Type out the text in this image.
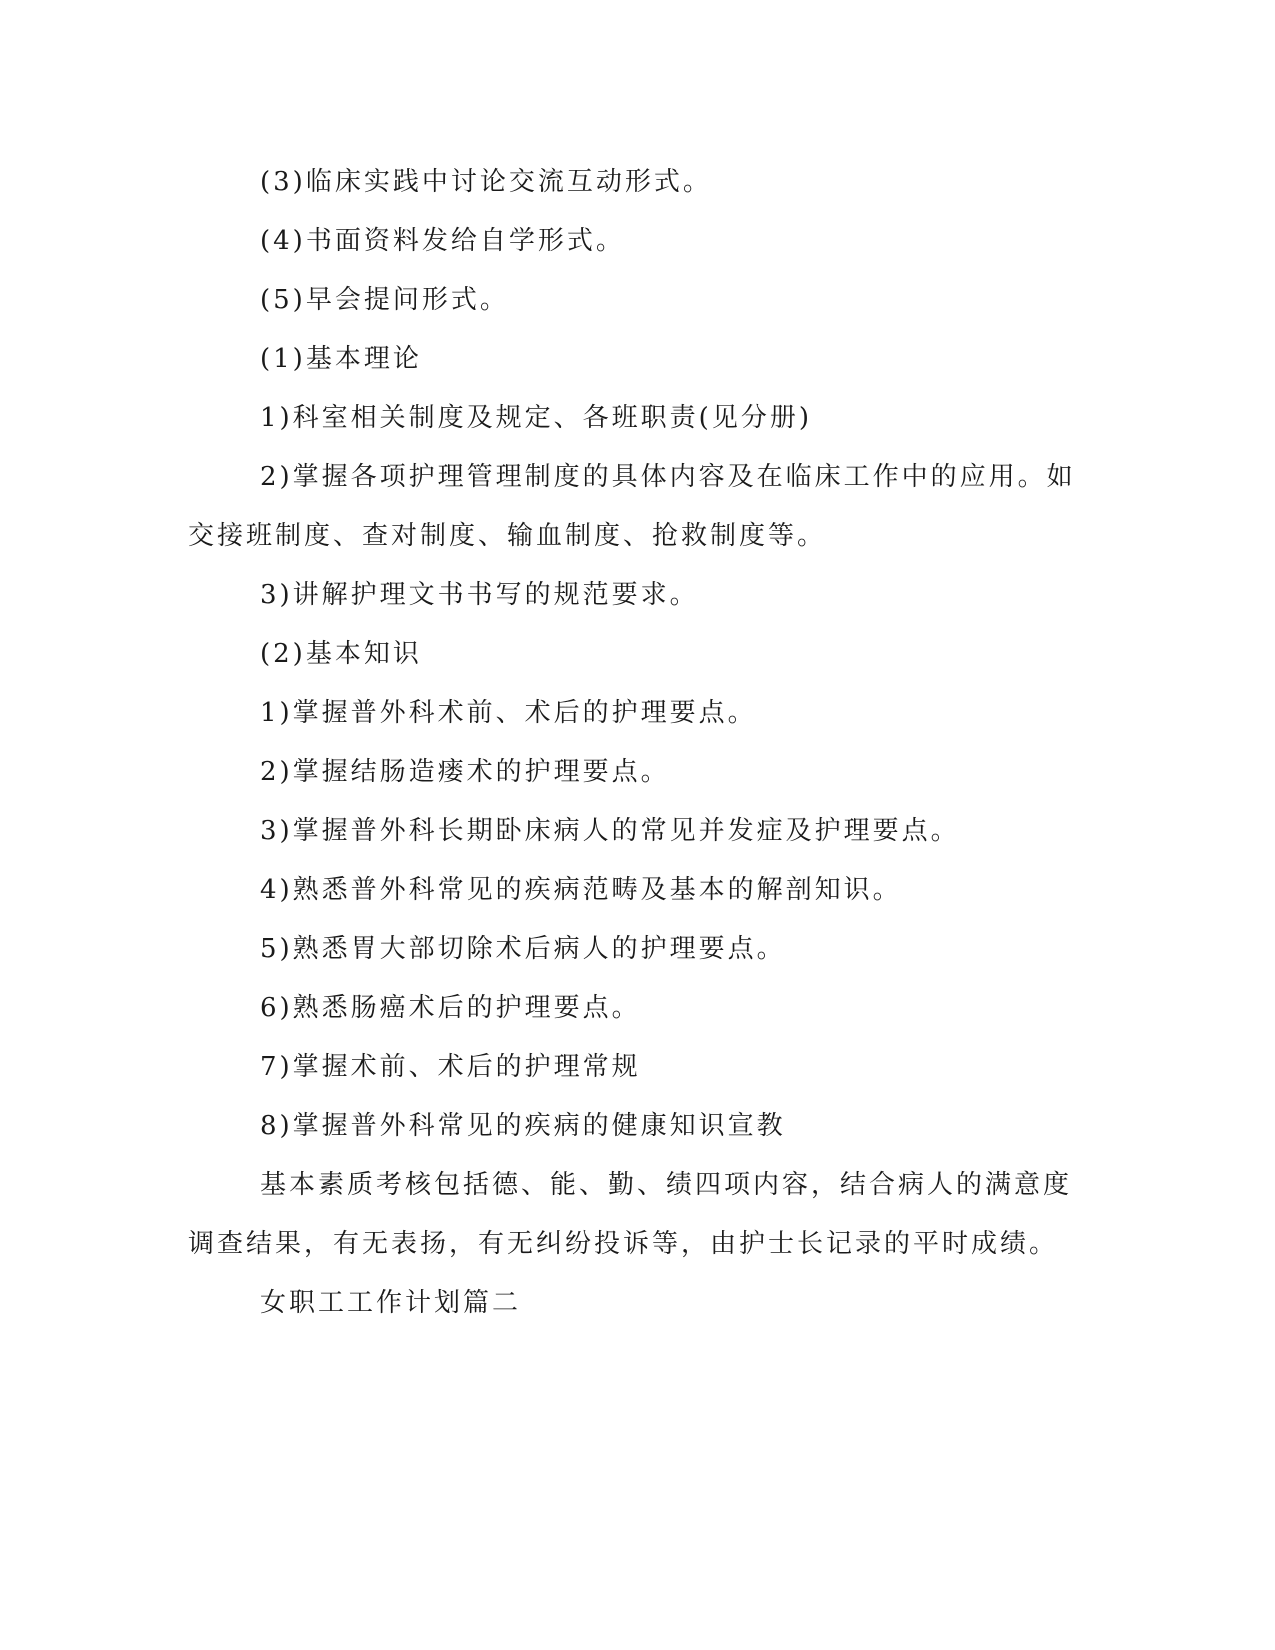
(3)临床实践中讨论交流互动形式。
(4)书面资料发给自学形式。
(5)早会提问形式。
(1)基本理论
1)科室相关制度及规定、各班职责(见分册)
2)掌握各项护理管理制度的具体内容及在临床工作中的应用。如
交接班制度、查对制度、输血制度、抢救制度等。
3)讲解护理文书书写的规范要求。
(2)基本知识
1)掌握普外科术前、术后的护理要点。
2)掌握结肠造瘘术的护理要点。
3)掌握普外科长期卧床病人的常见并发症及护理要点。
4)熟悉普外科常见的疾病范畴及基本的解剖知识。
5)熟悉胃大部切除术后病人的护理要点。
6)熟悉肠癌术后的护理要点。
7)掌握术前、术后的护理常规
8)掌握普外科常见的疾病的健康知识宣教
基本素质考核包括德、能、勤、绩四项内容，结合病人的满意度
调查结果，有无表扬，有无纠纷投诉等，由护士长记录的平时成绩。
女职工工作计划篇二
